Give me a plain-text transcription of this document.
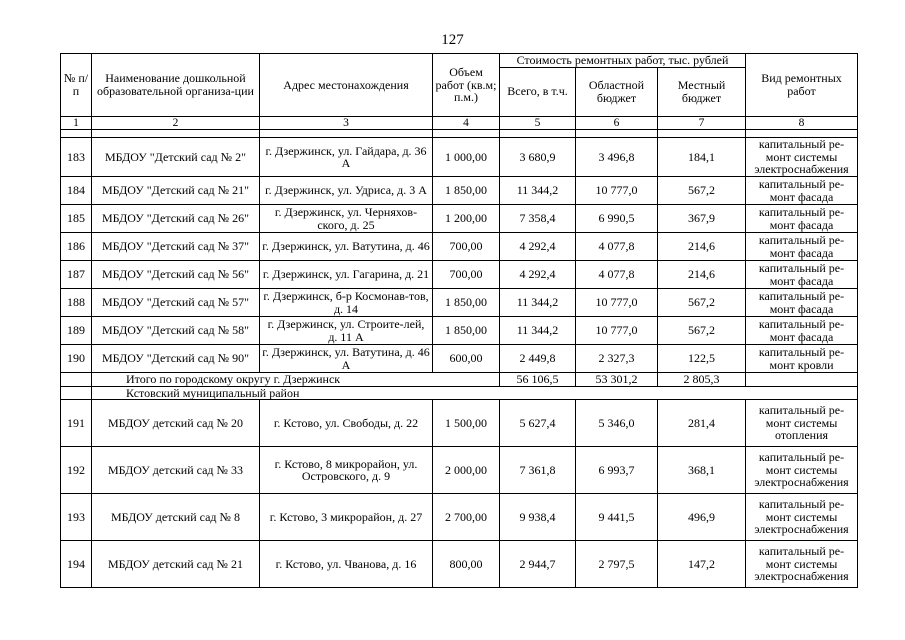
127
№ п/п	Наименование дошкольной образовательной организа-ции	Адрес местонахождения	Объем работ (кв.м; п.м.)	Стоимость ремонтных работ, тыс. рублей			Вид ремонтных работ
				Всего, в т.ч.	Областной бюджет	Местный бюджет	
1	2	3	4	5	6	7	8

183	МБДОУ "Детский сад № 2"	г. Дзержинск, ул. Гайдара, д. 36 А	1 000,00	3 680,9	3 496,8	184,1	капитальный ре-монт системы электроснабжения
184	МБДОУ "Детский сад № 21"	г. Дзержинск, ул. Удриса, д. 3 А	1 850,00	11 344,2	10 777,0	567,2	капитальный ре-монт фасада
185	МБДОУ "Детский сад № 26"	г. Дзержинск, ул. Черняхов-ского, д. 25	1 200,00	7 358,4	6 990,5	367,9	капитальный ре-монт фасада
186	МБДОУ "Детский сад № 37"	г. Дзержинск, ул. Ватутина, д. 46	700,00	4 292,4	4 077,8	214,6	капитальный ре-монт фасада
187	МБДОУ "Детский сад № 56"	г. Дзержинск, ул. Гагарина, д. 21	700,00	4 292,4	4 077,8	214,6	капитальный ре-монт фасада
188	МБДОУ "Детский сад № 57"	г. Дзержинск, б-р Космонав-тов, д. 14	1 850,00	11 344,2	10 777,0	567,2	капитальный ре-монт фасада
189	МБДОУ "Детский сад № 58"	г. Дзержинск, ул. Строите-лей, д. 11 А	1 850,00	11 344,2	10 777,0	567,2	капитальный ре-монт фасада
190	МБДОУ "Детский сад № 90"	г. Дзержинск, ул. Ватутина, д. 46 А	600,00	2 449,8	2 327,3	122,5	капитальный ре-монт кровли
	Итого по городскому округу г. Дзержинск			56 106,5	53 301,2	2 805,3	
	Кстовский муниципальный район						
191	МБДОУ детский сад № 20	г. Кстово, ул. Свободы, д. 22	1 500,00	5 627,4	5 346,0	281,4	капитальный ре-монт системы отопления
192	МБДОУ детский сад № 33	г. Кстово, 8 микрорайон, ул. Островского, д. 9	2 000,00	7 361,8	6 993,7	368,1	капитальный ре-монт системы электроснабжения
193	МБДОУ детский сад № 8	г. Кстово, 3 микрорайон, д. 27	2 700,00	9 938,4	9 441,5	496,9	капитальный ре-монт системы электроснабжения
194	МБДОУ детский сад № 21	г. Кстово, ул. Чванова, д. 16	800,00	2 944,7	2 797,5	147,2	капитальный ре-монт системы электроснабжения
